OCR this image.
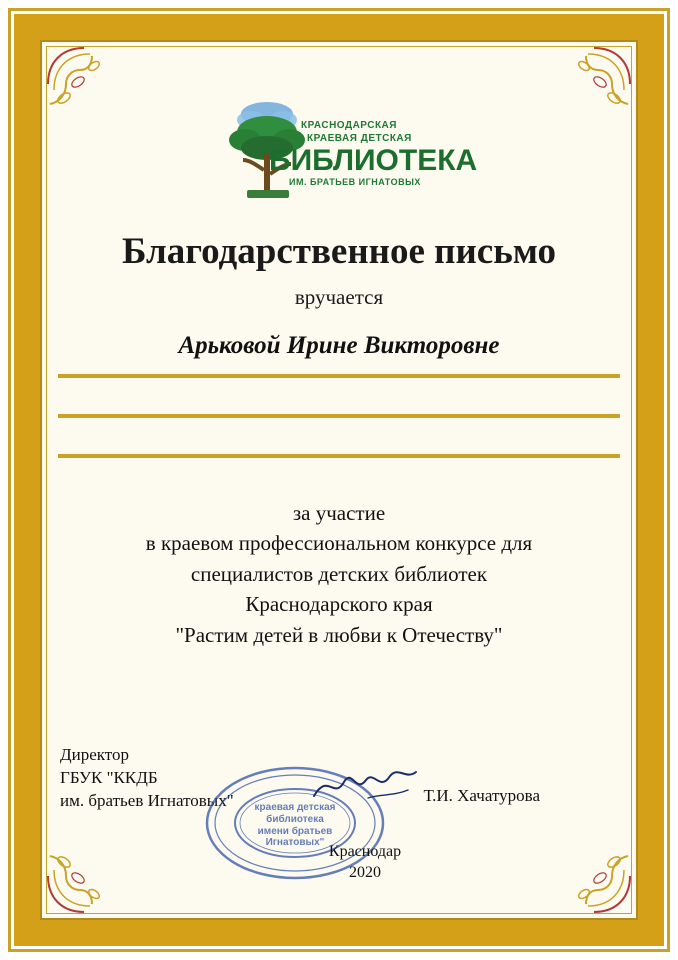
КРАСНОДАРСКАЯ
КРАЕВАЯ ДЕТСКАЯ
БИБЛИОТЕКА
ИМ. БРАТЬЕВ ИГНАТОВЫХ
Благодарственное письмо
вручается
Арьковой Ирине Викторовне
за участие
в краевом профессиональном конкурсе для
специалистов детских библиотек
Краснодарского края
"Растим детей в любви к Отечеству"
Директор
ГБУК "ККДБ
им. братьев Игнатовых"	краевая детская
библиотека
имени братьев
Игнатовых"
Т.И. Хачатурова
Краснодар
2020
